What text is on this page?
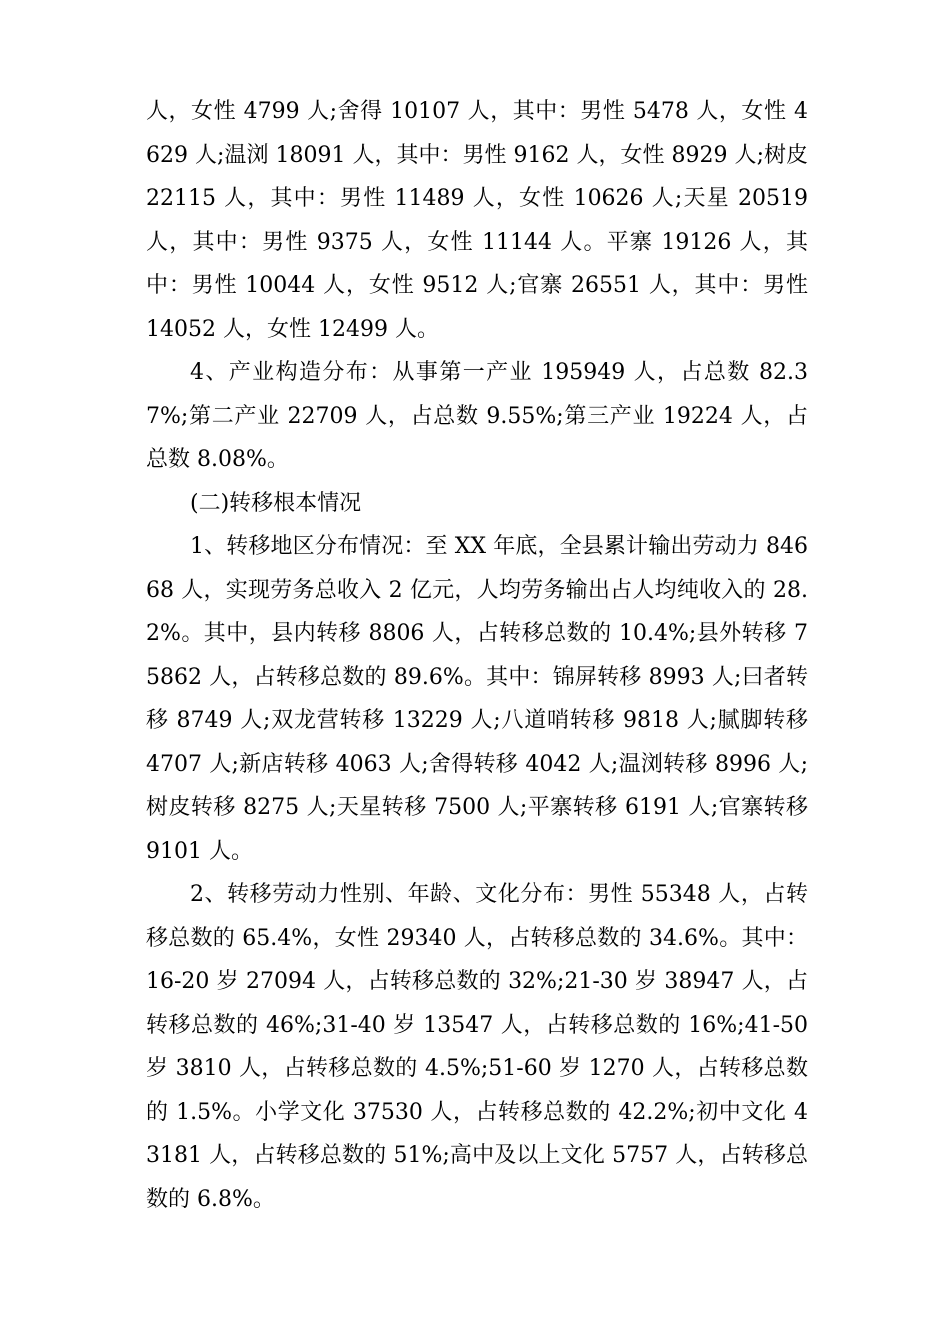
人，女性 4799 人;舍得 10107 人，其中：男性 5478 人，女性 4629 人;温浏 18091 人，其中：男性 9162 人，女性 8929 人;树皮 22115 人，其中：男性 11489 人，女性 10626 人;天星 20519 人，其中：男性 9375 人，女性 11144 人。平寨 19126 人，其中：男性 10044 人，女性 9512 人;官寨 26551 人，其中：男性 14052 人，女性 12499 人。

4、产业构造分布：从事第一产业 195949 人，占总数 82.37%;第二产业 22709 人，占总数 9.55%;第三产业 19224 人，占总数 8.08%。

(二)转移根本情况

1、转移地区分布情况：至 XX 年底，全县累计输出劳动力 84668 人，实现劳务总收入 2 亿元，人均劳务输出占人均纯收入的 28.2%。其中，县内转移 8806 人，占转移总数的 10.4%;县外转移 75862 人，占转移总数的 89.6%。其中：锦屏转移 8993 人;曰者转移 8749 人;双龙营转移 13229 人;八道哨转移 9818 人;腻脚转移 4707 人;新店转移 4063 人;舍得转移 4042 人;温浏转移 8996 人;树皮转移 8275 人;天星转移 7500 人;平寨转移 6191 人;官寨转移 9101 人。

2、转移劳动力性别、年龄、文化分布：男性 55348 人，占转移总数的 65.4%，女性 29340 人，占转移总数的 34.6%。其中：16-20 岁 27094 人，占转移总数的 32%;21-30 岁 38947 人，占转移总数的 46%;31-40 岁 13547 人，占转移总数的 16%;41-50 岁 3810 人，占转移总数的 4.5%;51-60 岁 1270 人，占转移总数的 1.5%。小学文化 37530 人，占转移总数的 42.2%;初中文化 43181 人，占转移总数的 51%;高中及以上文化 5757 人，占转移总数的 6.8%。
